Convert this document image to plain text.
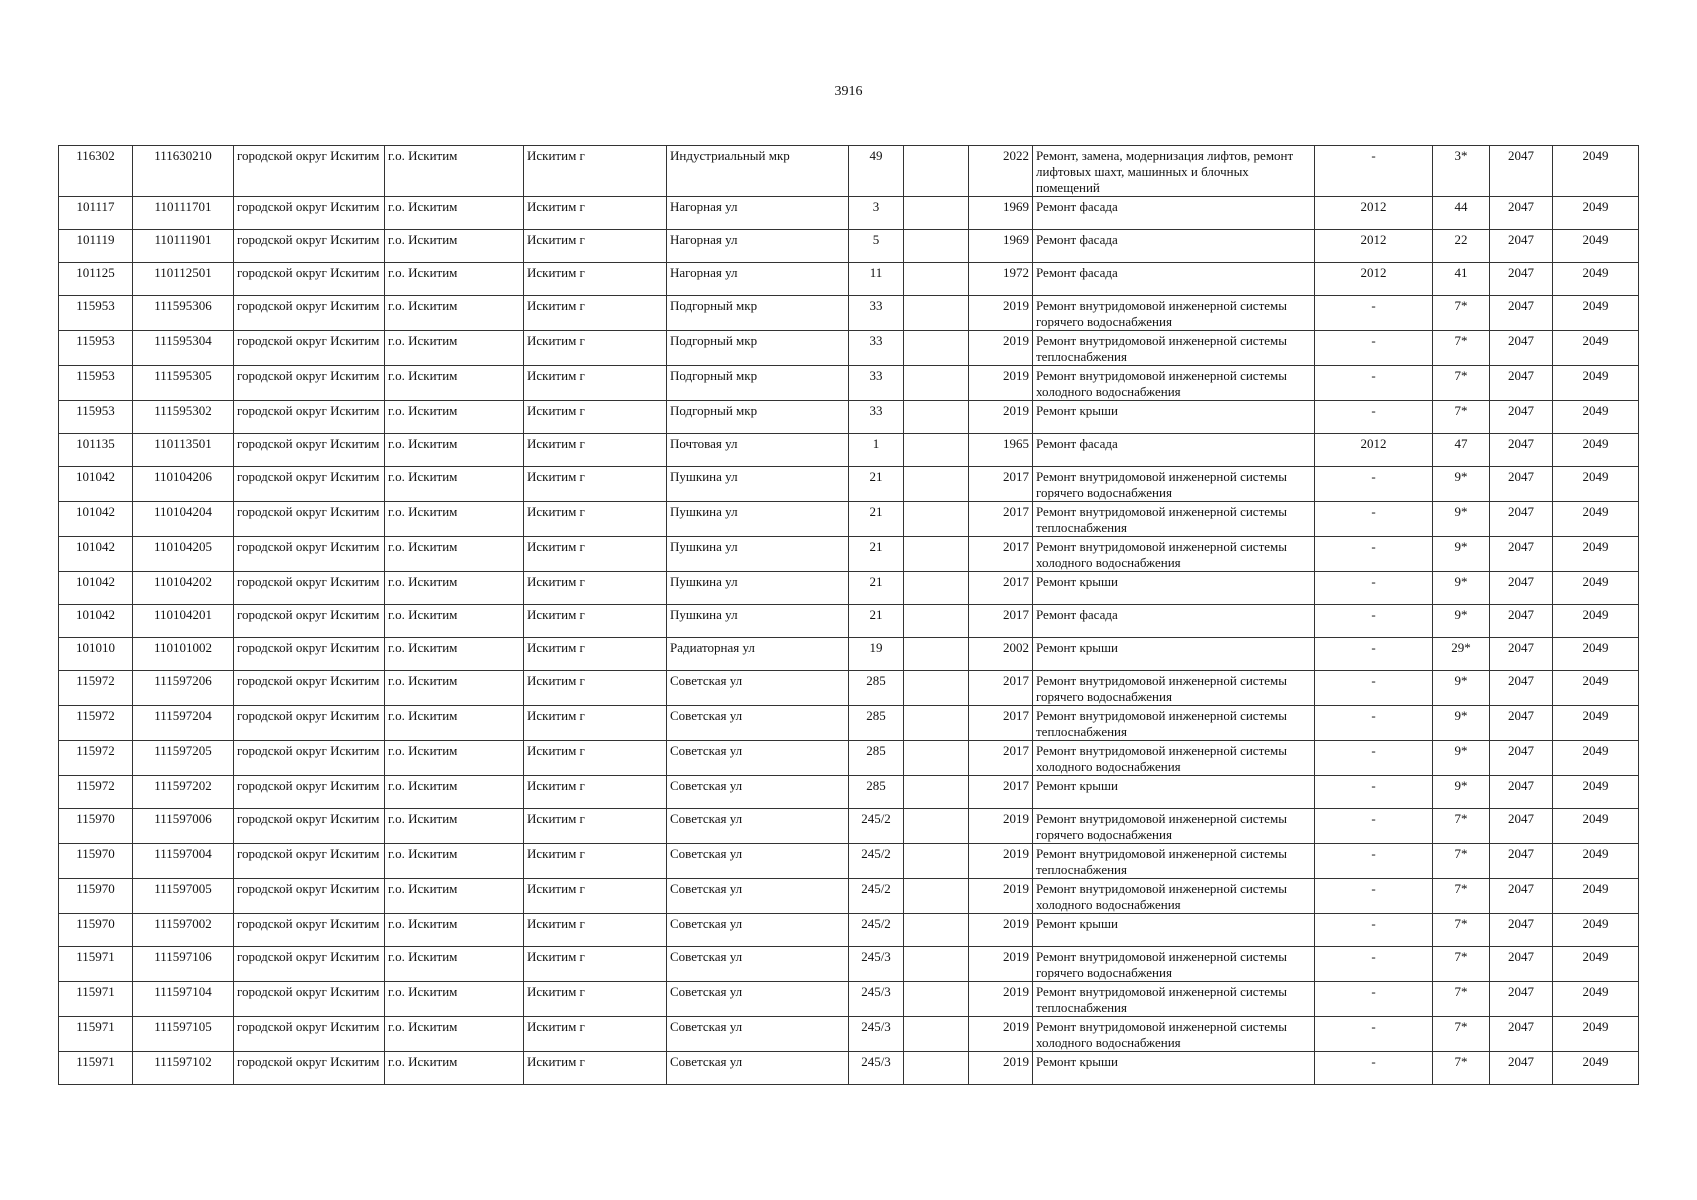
3916
116302	111630210	городской округ Искитим	г.о. Искитим	Искитим г	Индустриальный мкр	49		2022	Ремонт, замена, модернизация лифтов, ремонт лифтовых шахт, машинных и блочных помещений	-	3*	2047	2049
101117	110111701	городской округ Искитим	г.о. Искитим	Искитим г	Нагорная ул	3		1969	Ремонт фасада	2012	44	2047	2049
101119	110111901	городской округ Искитим	г.о. Искитим	Искитим г	Нагорная ул	5		1969	Ремонт фасада	2012	22	2047	2049
101125	110112501	городской округ Искитим	г.о. Искитим	Искитим г	Нагорная ул	11		1972	Ремонт фасада	2012	41	2047	2049
115953	111595306	городской округ Искитим	г.о. Искитим	Искитим г	Подгорный мкр	33		2019	Ремонт внутридомовой инженерной системы горячего водоснабжения	-	7*	2047	2049
115953	111595304	городской округ Искитим	г.о. Искитим	Искитим г	Подгорный мкр	33		2019	Ремонт внутридомовой инженерной системы теплоснабжения	-	7*	2047	2049
115953	111595305	городской округ Искитим	г.о. Искитим	Искитим г	Подгорный мкр	33		2019	Ремонт внутридомовой инженерной системы холодного водоснабжения	-	7*	2047	2049
115953	111595302	городской округ Искитим	г.о. Искитим	Искитим г	Подгорный мкр	33		2019	Ремонт крыши	-	7*	2047	2049
101135	110113501	городской округ Искитим	г.о. Искитим	Искитим г	Почтовая ул	1		1965	Ремонт фасада	2012	47	2047	2049
101042	110104206	городской округ Искитим	г.о. Искитим	Искитим г	Пушкина ул	21		2017	Ремонт внутридомовой инженерной системы горячего водоснабжения	-	9*	2047	2049
101042	110104204	городской округ Искитим	г.о. Искитим	Искитим г	Пушкина ул	21		2017	Ремонт внутридомовой инженерной системы теплоснабжения	-	9*	2047	2049
101042	110104205	городской округ Искитим	г.о. Искитим	Искитим г	Пушкина ул	21		2017	Ремонт внутридомовой инженерной системы холодного водоснабжения	-	9*	2047	2049
101042	110104202	городской округ Искитим	г.о. Искитим	Искитим г	Пушкина ул	21		2017	Ремонт крыши	-	9*	2047	2049
101042	110104201	городской округ Искитим	г.о. Искитим	Искитим г	Пушкина ул	21		2017	Ремонт фасада	-	9*	2047	2049
101010	110101002	городской округ Искитим	г.о. Искитим	Искитим г	Радиаторная ул	19		2002	Ремонт крыши	-	29*	2047	2049
115972	111597206	городской округ Искитим	г.о. Искитим	Искитим г	Советская ул	285		2017	Ремонт внутридомовой инженерной системы горячего водоснабжения	-	9*	2047	2049
115972	111597204	городской округ Искитим	г.о. Искитим	Искитим г	Советская ул	285		2017	Ремонт внутридомовой инженерной системы теплоснабжения	-	9*	2047	2049
115972	111597205	городской округ Искитим	г.о. Искитим	Искитим г	Советская ул	285		2017	Ремонт внутридомовой инженерной системы холодного водоснабжения	-	9*	2047	2049
115972	111597202	городской округ Искитим	г.о. Искитим	Искитим г	Советская ул	285		2017	Ремонт крыши	-	9*	2047	2049
115970	111597006	городской округ Искитим	г.о. Искитим	Искитим г	Советская ул	245/2		2019	Ремонт внутридомовой инженерной системы горячего водоснабжения	-	7*	2047	2049
115970	111597004	городской округ Искитим	г.о. Искитим	Искитим г	Советская ул	245/2		2019	Ремонт внутридомовой инженерной системы теплоснабжения	-	7*	2047	2049
115970	111597005	городской округ Искитим	г.о. Искитим	Искитим г	Советская ул	245/2		2019	Ремонт внутридомовой инженерной системы холодного водоснабжения	-	7*	2047	2049
115970	111597002	городской округ Искитим	г.о. Искитим	Искитим г	Советская ул	245/2		2019	Ремонт крыши	-	7*	2047	2049
115971	111597106	городской округ Искитим	г.о. Искитим	Искитим г	Советская ул	245/3		2019	Ремонт внутридомовой инженерной системы горячего водоснабжения	-	7*	2047	2049
115971	111597104	городской округ Искитим	г.о. Искитим	Искитим г	Советская ул	245/3		2019	Ремонт внутридомовой инженерной системы теплоснабжения	-	7*	2047	2049
115971	111597105	городской округ Искитим	г.о. Искитим	Искитим г	Советская ул	245/3		2019	Ремонт внутридомовой инженерной системы холодного водоснабжения	-	7*	2047	2049
115971	111597102	городской округ Искитим	г.о. Искитим	Искитим г	Советская ул	245/3		2019	Ремонт крыши	-	7*	2047	2049
